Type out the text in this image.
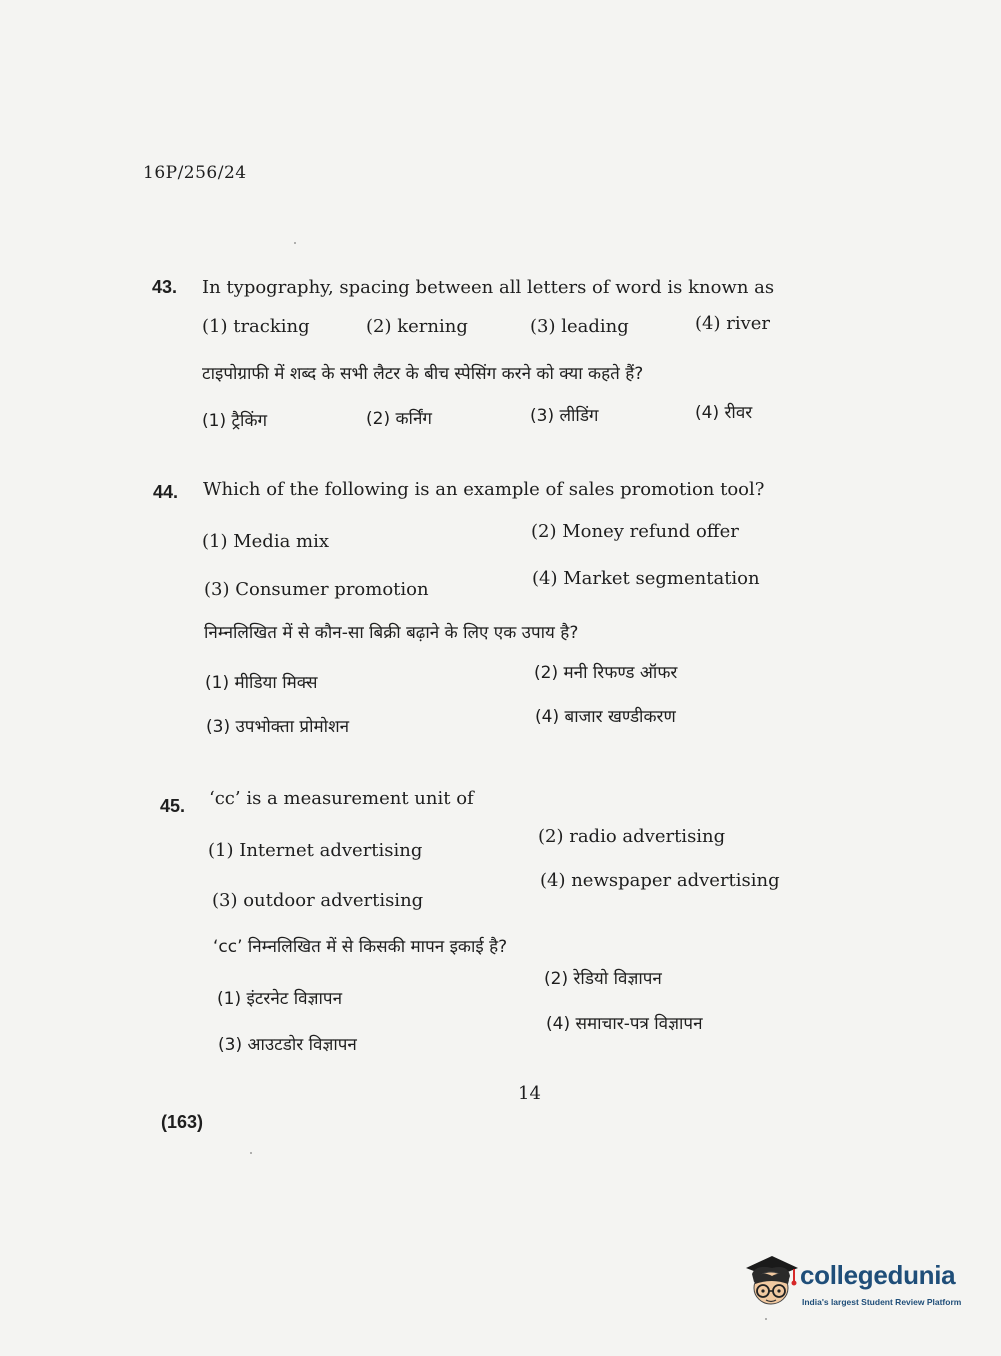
16P/256/24
43. In typography, spacing between all letters of word is known as
(1) tracking	(2) kerning	(3) leading	(4) river
टाइपोग्राफी में शब्द के सभी लैटर के बीच स्पेसिंग करने को क्या कहते हैं?
(1) ट्रैकिंग	(2) कर्निंग	(3) लीडिंग	(4) रीवर
44. Which of the following is an example of sales promotion tool?
(1) Media mix	(2) Money refund offer
(3) Consumer promotion
(4) Market segmentation
निम्नलिखित में से कौन-सा बिक्री बढ़ाने के लिए एक उपाय है?
(1) मीडिया मिक्स	(2) मनी रिफण्ड ऑफर
(3) उपभोक्ता प्रोमोशन	(4) बाजार खण्डीकरण
45. ‘cc’ is a measurement unit of
(1) Internet advertising
(2) radio advertising
(3) outdoor advertising
(4) newspaper advertising
‘cc’ निम्नलिखित में से किसकी मापन इकाई है?
(1) इंटरनेट विज्ञापन
(2) रेडियो विज्ञापन
(3) आउटडोर विज्ञापन
(4) समाचार-पत्र विज्ञापन
14
(163)
collegedunia
India's largest Student Review Platform
